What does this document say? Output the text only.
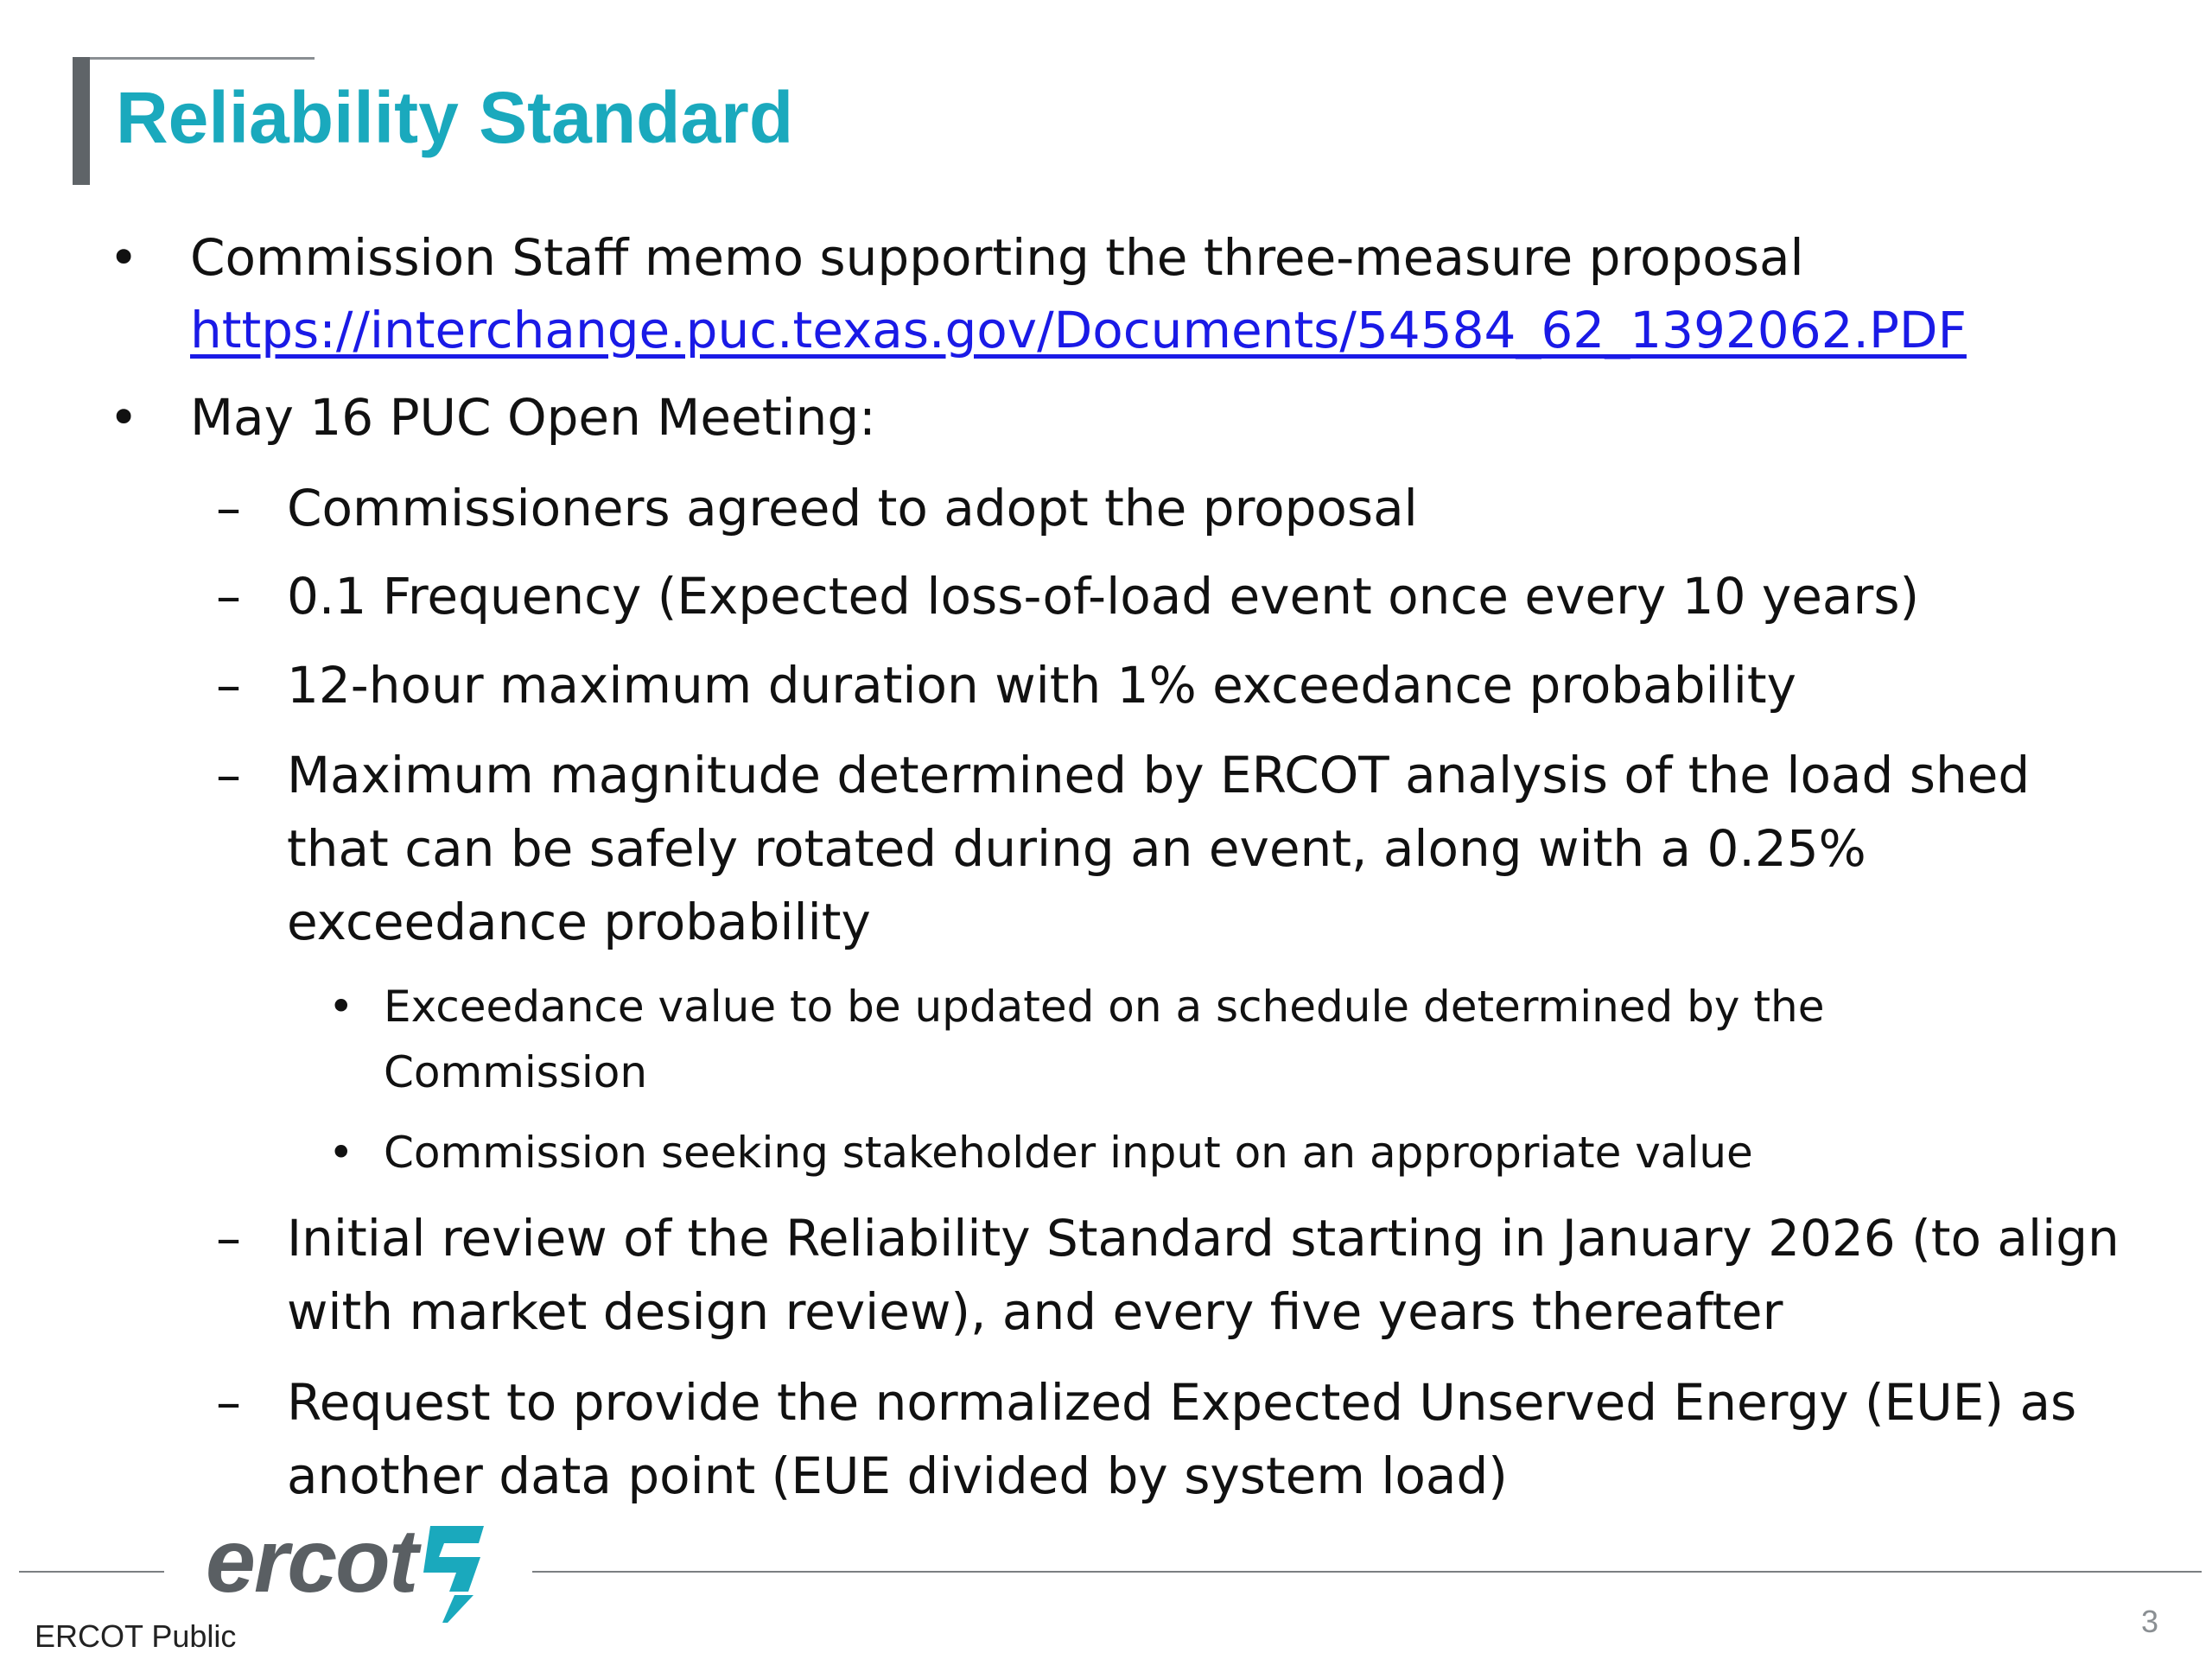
Reliability Standard
• Commission Staff memo supporting the three-measure proposal
https://interchange.puc.texas.gov/Documents/54584_62_1392062.PDF
• May 16 PUC Open Meeting:
– Commissioners agreed to adopt the proposal
– 0.1 Frequency (Expected loss-of-load event once every 10 years)
– 12-hour maximum duration with 1% exceedance probability
– Maximum magnitude determined by ERCOT analysis of the load shed
that can be safely rotated during an event, along with a 0.25%
exceedance probability
• Exceedance value to be updated on a schedule determined by the
Commission
• Commission seeking stakeholder input on an appropriate value
– Initial review of the Reliability Standard starting in January 2026 (to align
with market design review), and every five years thereafter
– Request to provide the normalized Expected Unserved Energy (EUE) as
another data point (EUE divided by system load)
ercot
ERCOT Public	3
